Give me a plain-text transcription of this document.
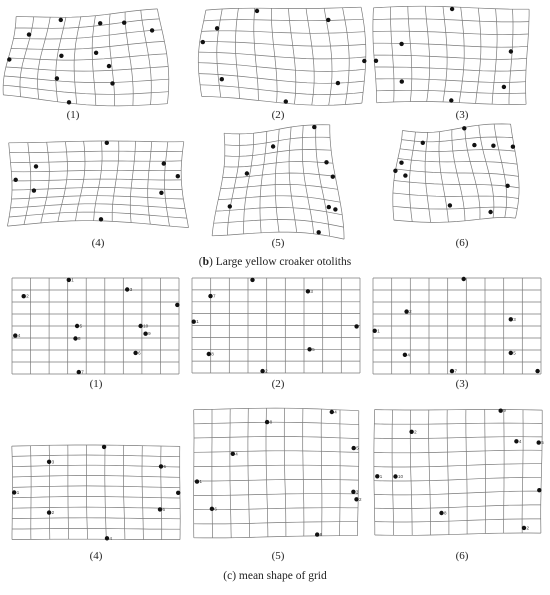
1
2
3
5	10
9
8
6
7
4
7
3
1
8
5
2
2
3
1
4	5
7
3
5
1
2
6
4
4
8
4
5
1
3
2
6
8
9
2
4	5
1	10
8
2
(1)	(2)	(3)
(4)	(5)	(6)
(b) Large yellow croaker otoliths
(1)	(2)	(3)
(4)	(5)	(6)
(c) mean shape of grid
